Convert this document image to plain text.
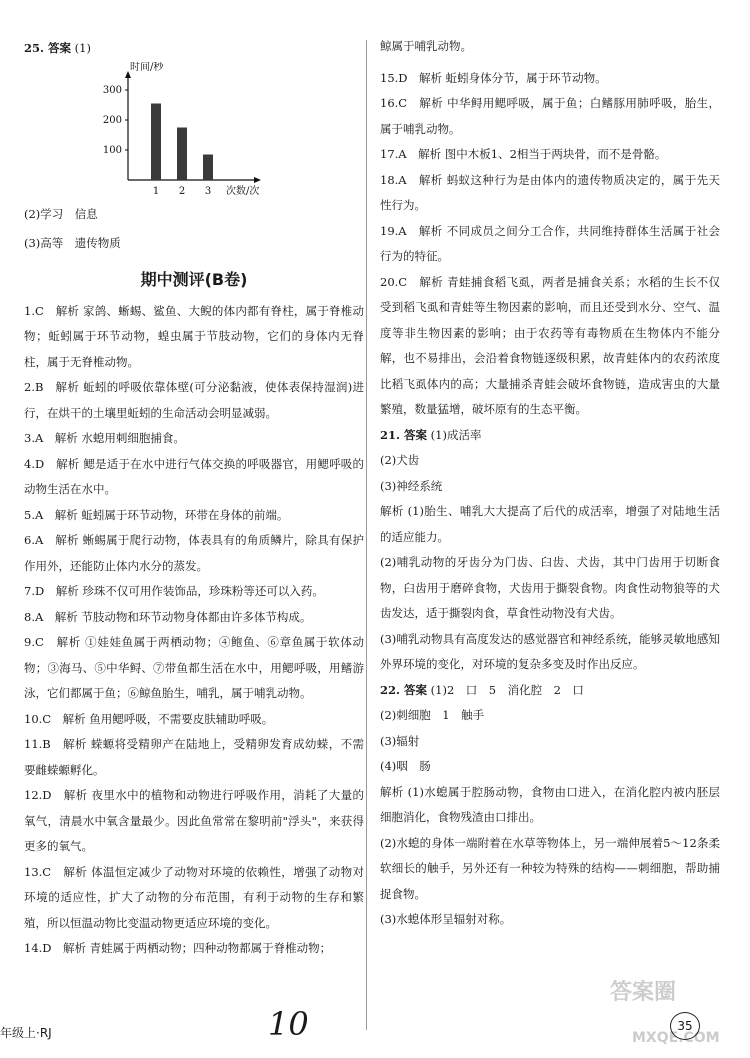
25. 答案 (1)

时间/秒
100
200
300
1 2 3 次数/次

(2)学习　信息

(3)高等　遗传物质

期中测评(B卷)

1.C　解析 家鸽、蜥蜴、鲨鱼、大鲵的体内都有脊柱，属于脊椎动物；蚯蚓属于环节动物，蝗虫属于节肢动物，它们的身体内无脊柱，属于无脊椎动物。

2.B　解析 蚯蚓的呼吸依靠体壁(可分泌黏液，使体表保持湿润)进行，在烘干的土壤里蚯蚓的生命活动会明显减弱。

3.A　解析 水螅用刺细胞捕食。

4.D　解析 鳃是适于在水中进行气体交换的呼吸器官，用鳃呼吸的动物生活在水中。

5.A　解析 蚯蚓属于环节动物，环带在身体的前端。

6.A　解析 蜥蜴属于爬行动物，体表具有的角质鳞片，除具有保护作用外，还能防止体内水分的蒸发。

7.D　解析 珍珠不仅可用作装饰品，珍珠粉等还可以入药。

8.A　解析 节肢动物和环节动物身体都由许多体节构成。

9.C　解析 ①娃娃鱼属于两栖动物；④鲍鱼、⑥章鱼属于软体动物；③海马、⑤中华鲟、⑦带鱼都生活在水中，用鳃呼吸，用鳍游泳，它们都属于鱼；⑥鲸鱼胎生，哺乳，属于哺乳动物。

10.C　解析 鱼用鳃呼吸，不需要皮肤辅助呼吸。

11.B　解析 蝾螈将受精卵产在陆地上，受精卵发育成幼蝾，不需要雌蝾螈孵化。

12.D　解析 夜里水中的植物和动物进行呼吸作用，消耗了大量的氧气，清晨水中氧含量最少。因此鱼常常在黎明前"浮头"，来获得更多的氧气。

13.C　解析 体温恒定减少了动物对环境的依赖性，增强了动物对环境的适应性，扩大了动物的分布范围，有利于动物的生存和繁殖，所以恒温动物比变温动物更适应环境的变化。

14.D　解析 青蛙属于两栖动物；四种动物都属于脊椎动物；

鲸属于哺乳动物。

15.D　解析 蚯蚓身体分节，属于环节动物。

16.C　解析 中华鲟用鳃呼吸，属于鱼；白鳍豚用肺呼吸，胎生，属于哺乳动物。

17.A　解析 图中木板1、2相当于两块骨，而不是骨骼。

18.A　解析 蚂蚁这种行为是由体内的遗传物质决定的，属于先天性行为。

19.A　解析 不同成员之间分工合作，共同维持群体生活属于社会行为的特征。

20.C　解析 青蛙捕食稻飞虱，两者是捕食关系；水稻的生长不仅受到稻飞虱和青蛙等生物因素的影响，而且还受到水分、空气、温度等非生物因素的影响；由于农药等有毒物质在生物体内不能分解，也不易排出，会沿着食物链逐级积累，故青蛙体内的农药浓度比稻飞虱体内的高；大量捕杀青蛙会破坏食物链，造成害虫的大量繁殖，数量猛增，破坏原有的生态平衡。

21. 答案 (1)成活率

(2)犬齿

(3)神经系统

解析 (1)胎生、哺乳大大提高了后代的成活率，增强了对陆地生活的适应能力。

(2)哺乳动物的牙齿分为门齿、臼齿、犬齿，其中门齿用于切断食物，臼齿用于磨碎食物，犬齿用于撕裂食物。肉食性动物狼等的犬齿发达，适于撕裂肉食，草食性动物没有犬齿。

(3)哺乳动物具有高度发达的感觉器官和神经系统，能够灵敏地感知外界环境的变化，对环境的复杂多变及时作出反应。

22. 答案 (1)2　口　5　消化腔　2　口

(2)刺细胞　1　触手

(3)辐射

(4)咽　肠

解析 (1)水螅属于腔肠动物，食物由口进入，在消化腔内被内胚层细胞消化，食物残渣由口排出。

(2)水螅的身体一端附着在水草等物体上，另一端伸展着5～12条柔软细长的触手，另外还有一种较为特殊的结构——刺细胞，帮助捕捉食物。

(3)水螅体形呈辐射对称。

年级上·RJ	10
答案圈
MXQE.COM
35
